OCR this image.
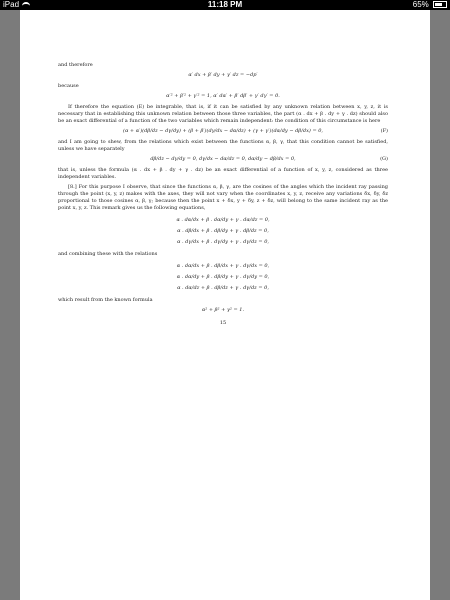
iPad	11:18 PM	65%

and therefore

α′ dx + β′ dy + γ′ dz = −dp′

because

α′² + β′² + γ′² = 1, α′ dα′ + β′ dβ′ + γ′ dγ′ = 0.

If therefore the equation (E) be integrable, that is, if it can be satisfied by any unknown relation between x, y, z, it is necessary that in establishing this unknown relation between those three variables, the part (α . dx + β . dy + γ . dz) should also be an exact differential of a function of the two variables which remain independent: the condition of this circumstance is here

(α + α′)(dβ/dz − dγ/dy) + (β + β′)(dγ/dx − dα/dz) + (γ + γ′)(dα/dy − dβ/dx) = 0,	(F)

and I am going to shew, from the relations which exist between the functions α, β, γ, that this condition cannot be satisfied, unless we have separately

dβ/dz − dγ/dy = 0, dγ/dx − dα/dz = 0, dα/dy − dβ/dx = 0,	(G)

that is, unless the formula (α . dx + β . dy + γ . dz) be an exact differential of a function of x, y, z, considered as three independent variables.

[8.] For this purpose I observe, that since the functions α, β, γ, are the cosines of the angles which the incident ray passing through the point (x, y, z) makes with the axes, they will not vary when the coordinates x, y, z, receive any variations δx, δy, δz proportional to those cosines α, β, γ; because then the point x + δx, y + δy, z + δz, will belong to the same incident ray as the point x, y, z. This remark gives us the following equations,

α . dα/dx + β . dα/dy + γ . dα/dz = 0,
α . dβ/dx + β . dβ/dy + γ . dβ/dz = 0,
α . dγ/dx + β . dγ/dy + γ . dγ/dz = 0,

and combining these with the relations

α . dα/dx + β . dβ/dx + γ . dγ/dx = 0,
α . dα/dy + β . dβ/dy + γ . dγ/dy = 0,
α . dα/dz + β . dβ/dz + γ . dγ/dz = 0,

which result from the known formula

α² + β² + γ² = 1.
15
